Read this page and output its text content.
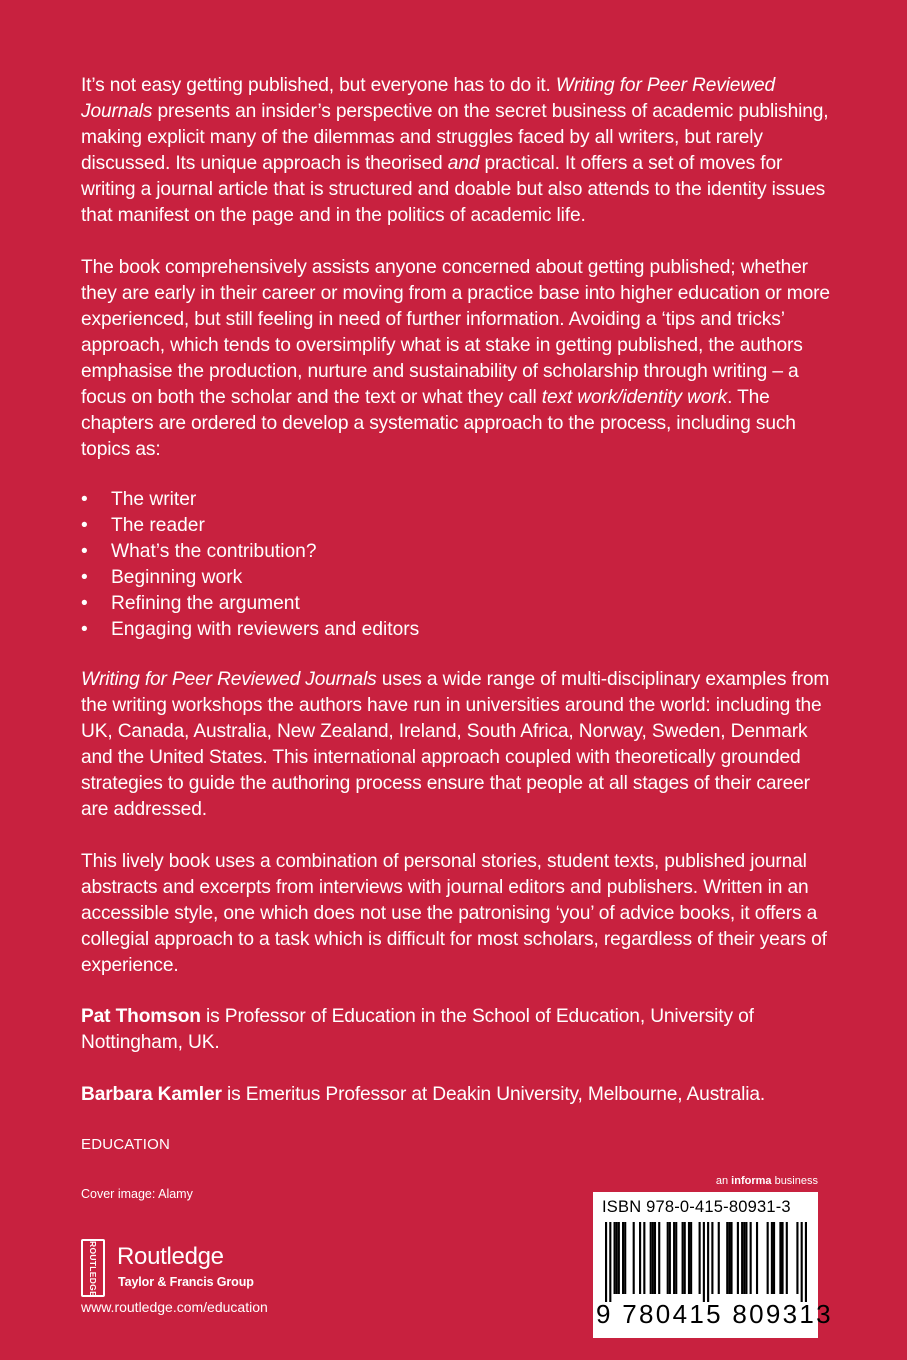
It’s not easy getting published, but everyone has to do it. Writing for Peer Reviewed Journals presents an insider’s perspective on the secret business of academic publishing, making explicit many of the dilemmas and struggles faced by all writers, but rarely discussed. Its unique approach is theorised and practical. It offers a set of moves for writing a journal article that is structured and doable but also attends to the identity issues that manifest on the page and in the politics of academic life.

The book comprehensively assists anyone concerned about getting published; whether they are early in their career or moving from a practice base into higher education or more experienced, but still feeling in need of further information. Avoiding a ‘tips and tricks’ approach, which tends to oversimplify what is at stake in getting published, the authors emphasise the production, nurture and sustainability of scholarship through writing – a focus on both the scholar and the text or what they call text work/identity work. The chapters are ordered to develop a systematic approach to the process, including such topics as:

• The writer
• The reader
• What’s the contribution?
• Beginning work
• Refining the argument
• Engaging with reviewers and editors

Writing for Peer Reviewed Journals uses a wide range of multi-disciplinary examples from the writing workshops the authors have run in universities around the world: including the UK, Canada, Australia, New Zealand, Ireland, South Africa, Norway, Sweden, Denmark and the United States. This international approach coupled with theoretically grounded strategies to guide the authoring process ensure that people at all stages of their career are addressed.

This lively book uses a combination of personal stories, student texts, published journal abstracts and excerpts from interviews with journal editors and publishers. Written in an accessible style, one which does not use the patronising ‘you’ of advice books, it offers a collegial approach to a task which is difficult for most scholars, regardless of their years of experience.

Pat Thomson is Professor of Education in the School of Education, University of Nottingham, UK.

Barbara Kamler is Emeritus Professor at Deakin University, Melbourne, Australia.

EDUCATION
Cover image: Alamy
ROUTLEDGE Routledge
Taylor & Francis Group
www.routledge.com/education
an informa business
ISBN 978-0-415-80931-3
9 780415 809313
